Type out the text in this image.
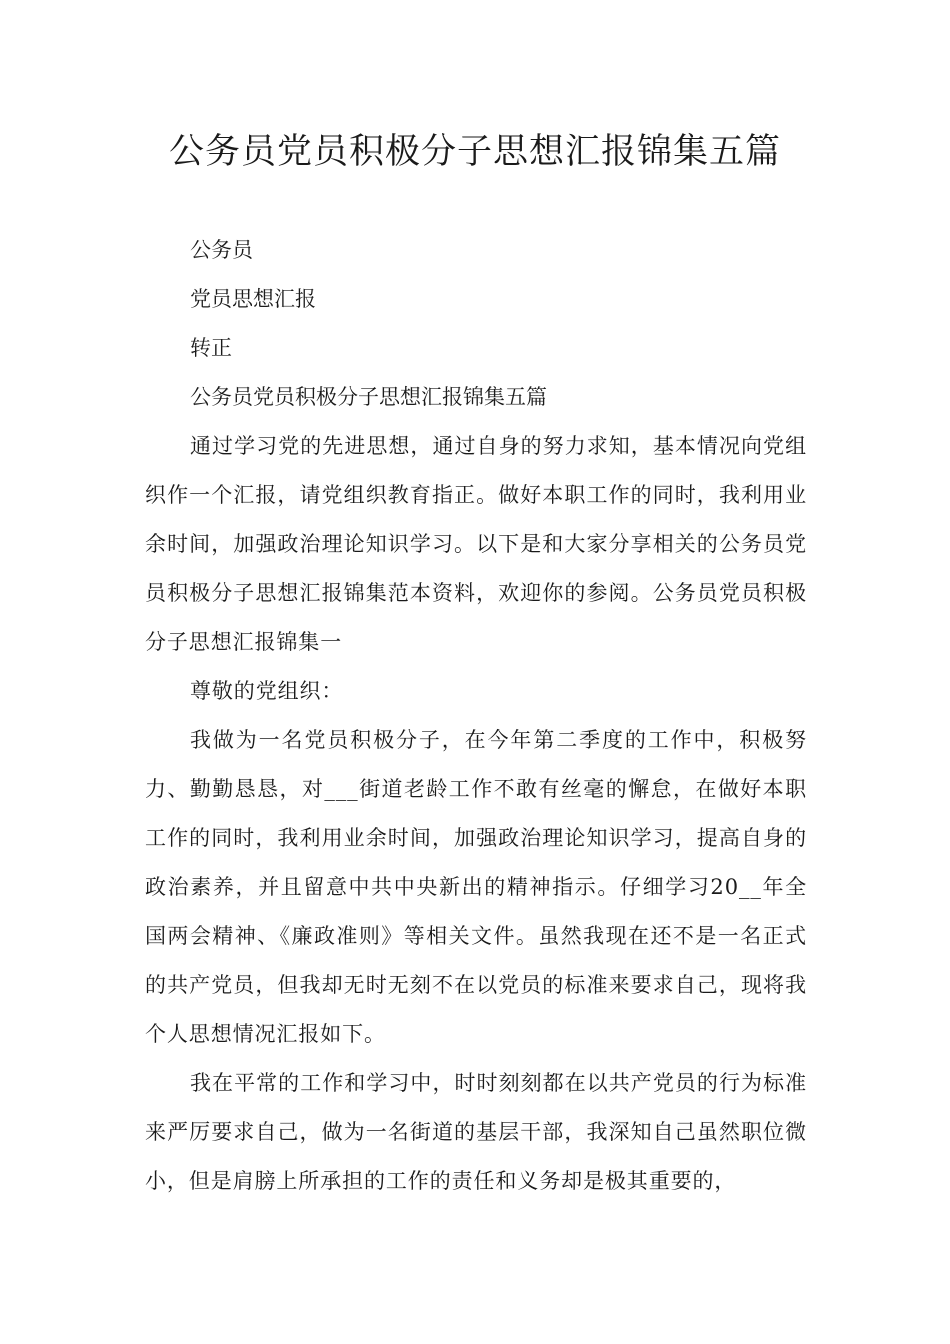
公务员党员积极分子思想汇报锦集五篇

公务员

党员思想汇报

转正

公务员党员积极分子思想汇报锦集五篇

通过学习党的先进思想，通过自身的努力求知，基本情况向党组织作一个汇报，请党组织教育指正。做好本职工作的同时，我利用业余时间，加强政治理论知识学习。以下是和大家分享相关的公务员党员积极分子思想汇报锦集范本资料，欢迎你的参阅。公务员党员积极分子思想汇报锦集一

尊敬的党组织：

我做为一名党员积极分子，在今年第二季度的工作中，积极努力、勤勤恳恳，对___街道老龄工作不敢有丝毫的懈怠，在做好本职工作的同时，我利用业余时间，加强政治理论知识学习，提高自身的政治素养，并且留意中共中央新出的精神指示。仔细学习20__年全国两会精神、《廉政准则》等相关文件。虽然我现在还不是一名正式的共产党员，但我却无时无刻不在以党员的标准来要求自己，现将我个人思想情况汇报如下。

我在平常的工作和学习中，时时刻刻都在以共产党员的行为标准来严厉要求自己，做为一名街道的基层干部，我深知自己虽然职位微小，但是肩膀上所承担的工作的责任和义务却是极其重要的，
